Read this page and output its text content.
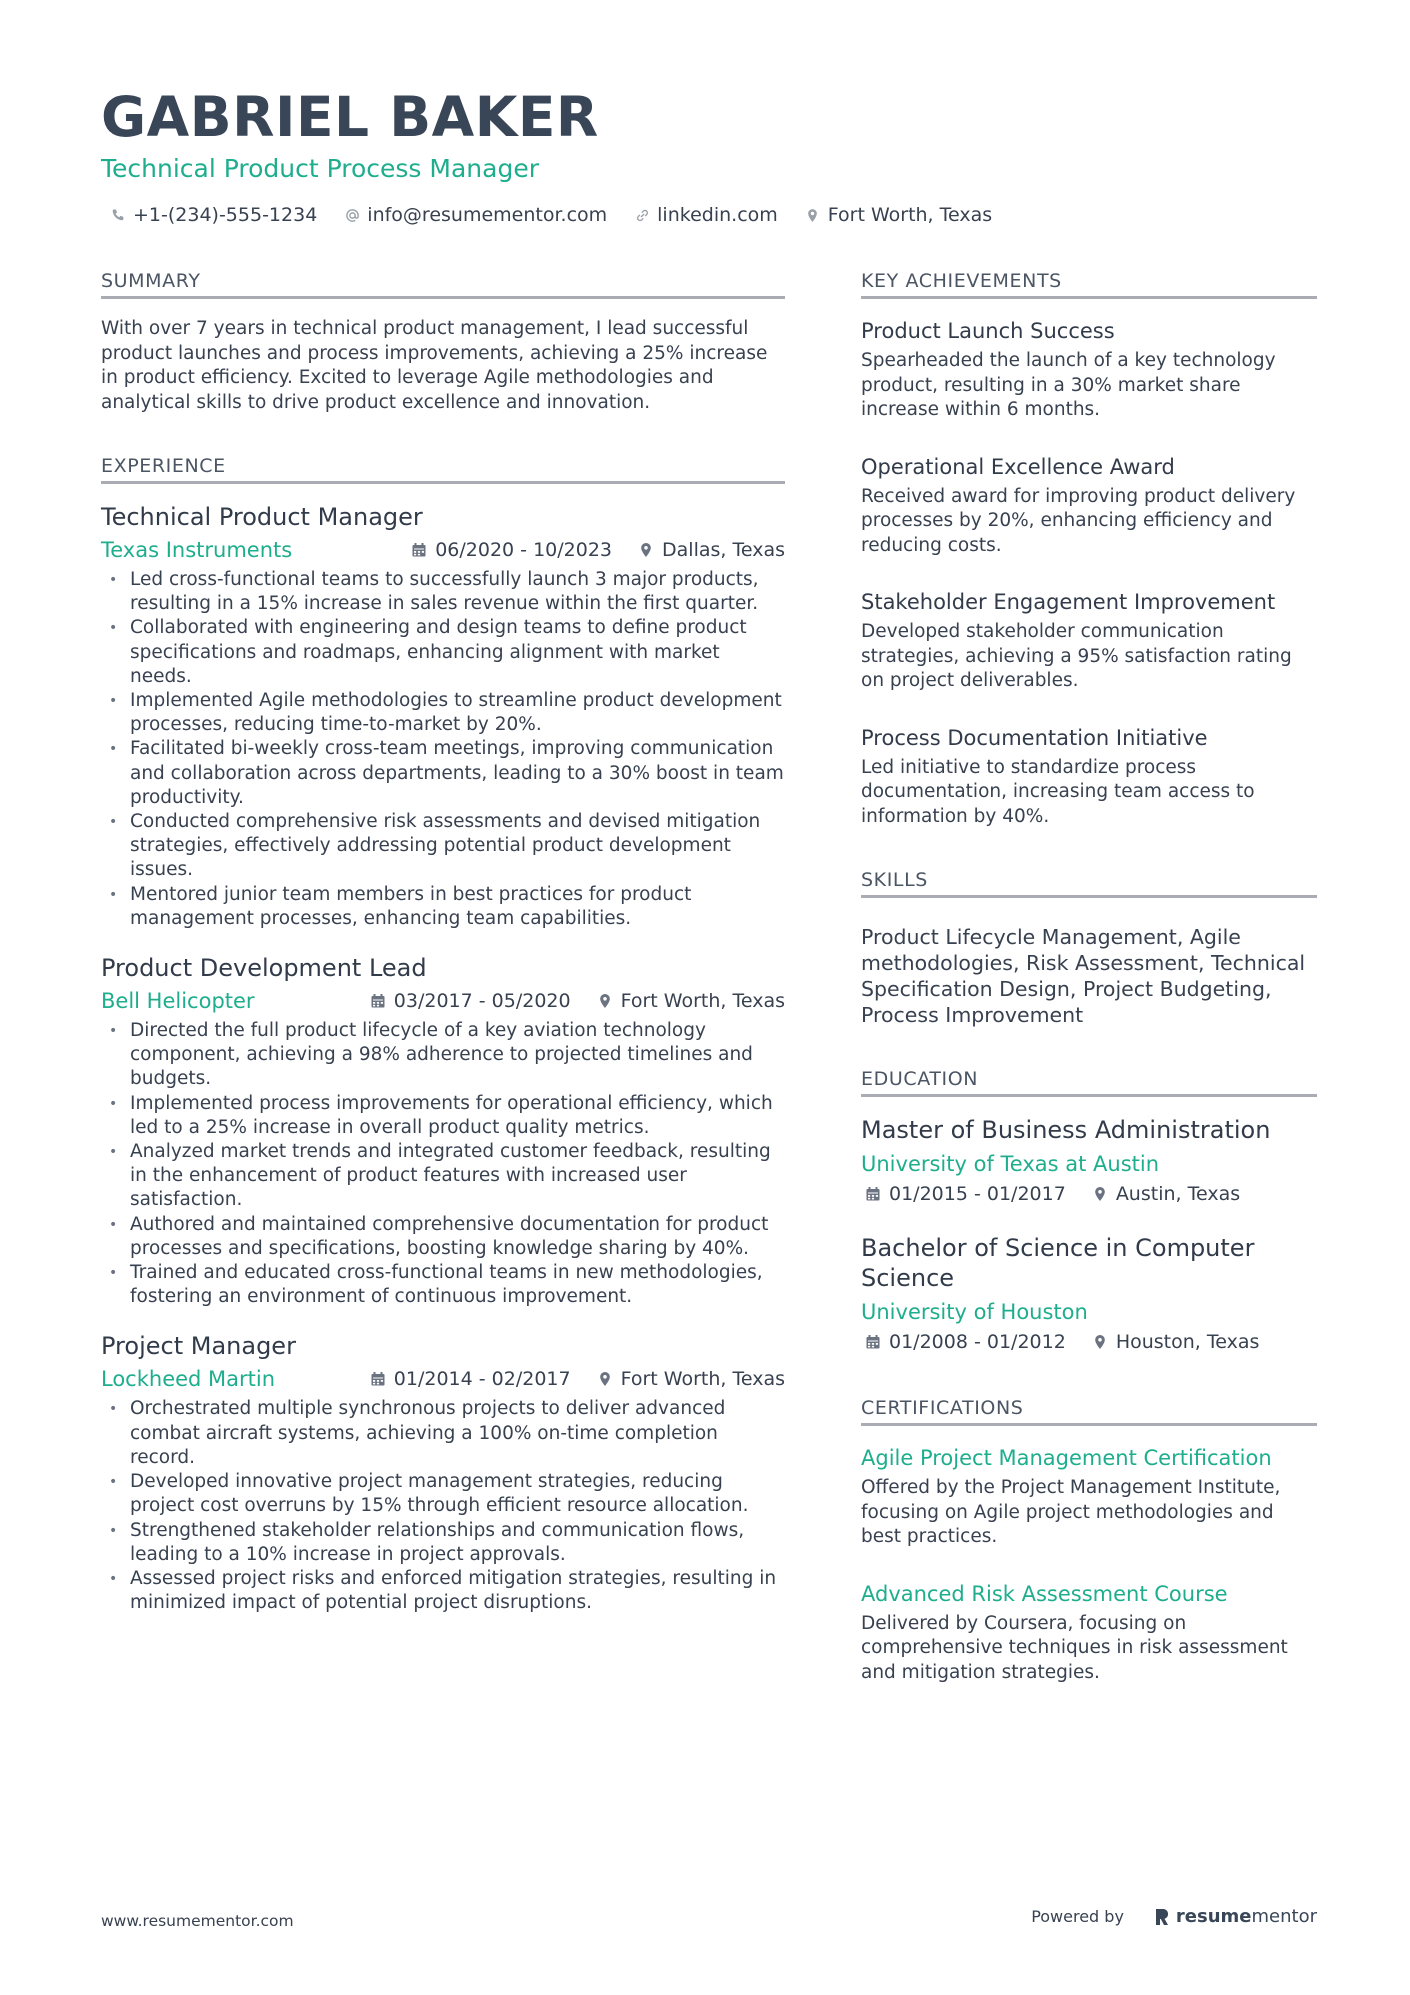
GABRIEL BAKER
Technical Product Process Manager
+1-(234)-555-1234	info@resumementor.com	linkedin.com	Fort Worth, Texas
SUMMARY
With over 7 years in technical product management, I lead successful product launches and process improvements, achieving a 25% increase in product efficiency. Excited to leverage Agile methodologies and analytical skills to drive product excellence and innovation.
EXPERIENCE
Technical Product Manager
Texas Instruments	06/2020 - 10/2023	Dallas, Texas
• Led cross-functional teams to successfully launch 3 major products, resulting in a 15% increase in sales revenue within the first quarter.
• Collaborated with engineering and design teams to define product specifications and roadmaps, enhancing alignment with market needs.
• Implemented Agile methodologies to streamline product development processes, reducing time-to-market by 20%.
• Facilitated bi-weekly cross-team meetings, improving communication and collaboration across departments, leading to a 30% boost in team productivity.
• Conducted comprehensive risk assessments and devised mitigation strategies, effectively addressing potential product development issues.
• Mentored junior team members in best practices for product management processes, enhancing team capabilities.
Product Development Lead
Bell Helicopter	03/2017 - 05/2020	Fort Worth, Texas
• Directed the full product lifecycle of a key aviation technology component, achieving a 98% adherence to projected timelines and budgets.
• Implemented process improvements for operational efficiency, which led to a 25% increase in overall product quality metrics.
• Analyzed market trends and integrated customer feedback, resulting in the enhancement of product features with increased user satisfaction.
• Authored and maintained comprehensive documentation for product processes and specifications, boosting knowledge sharing by 40%.
• Trained and educated cross-functional teams in new methodologies, fostering an environment of continuous improvement.
Project Manager
Lockheed Martin	01/2014 - 02/2017	Fort Worth, Texas
• Orchestrated multiple synchronous projects to deliver advanced combat aircraft systems, achieving a 100% on-time completion record.
• Developed innovative project management strategies, reducing project cost overruns by 15% through efficient resource allocation.
• Strengthened stakeholder relationships and communication flows, leading to a 10% increase in project approvals.
• Assessed project risks and enforced mitigation strategies, resulting in minimized impact of potential project disruptions.
KEY ACHIEVEMENTS
Product Launch Success
Spearheaded the launch of a key technology product, resulting in a 30% market share increase within 6 months.
Operational Excellence Award
Received award for improving product delivery processes by 20%, enhancing efficiency and reducing costs.
Stakeholder Engagement Improvement
Developed stakeholder communication strategies, achieving a 95% satisfaction rating on project deliverables.
Process Documentation Initiative
Led initiative to standardize process documentation, increasing team access to information by 40%.
SKILLS
Product Lifecycle Management, Agile methodologies, Risk Assessment, Technical Specification Design, Project Budgeting, Process Improvement
EDUCATION
Master of Business Administration
University of Texas at Austin
01/2015 - 01/2017	Austin, Texas
Bachelor of Science in Computer Science
University of Houston
01/2008 - 01/2012	Houston, Texas
CERTIFICATIONS
Agile Project Management Certification
Offered by the Project Management Institute, focusing on Agile project methodologies and best practices.
Advanced Risk Assessment Course
Delivered by Coursera, focusing on comprehensive techniques in risk assessment and mitigation strategies.
www.resumementor.com	Powered by	resume mentor
